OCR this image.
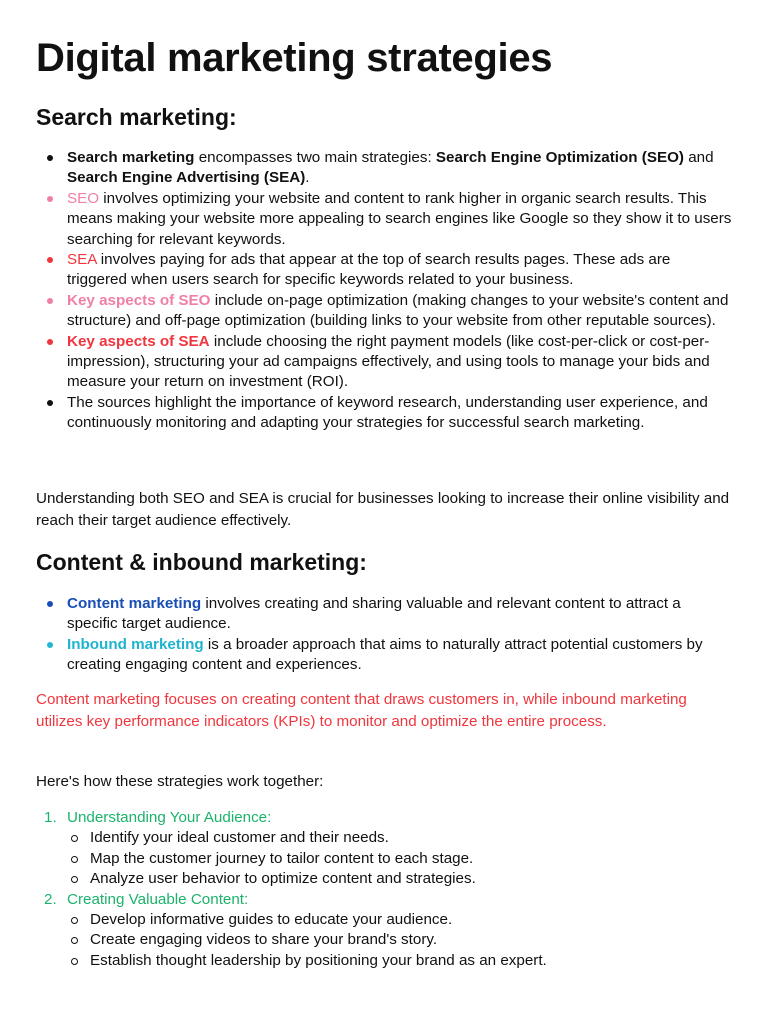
Digital marketing strategies
Search marketing:
Search marketing encompasses two main strategies: Search Engine Optimization (SEO) and Search Engine Advertising (SEA).
SEO involves optimizing your website and content to rank higher in organic search results. This means making your website more appealing to search engines like Google so they show it to users searching for relevant keywords.
SEA involves paying for ads that appear at the top of search results pages. These ads are triggered when users search for specific keywords related to your business.
Key aspects of SEO include on-page optimization (making changes to your website's content and structure) and off-page optimization (building links to your website from other reputable sources).
Key aspects of SEA include choosing the right payment models (like cost-per-click or cost-per-impression), structuring your ad campaigns effectively, and using tools to manage your bids and measure your return on investment (ROI).
The sources highlight the importance of keyword research, understanding user experience, and continuously monitoring and adapting your strategies for successful search marketing.

Understanding both SEO and SEA is crucial for businesses looking to increase their online visibility and reach their target audience effectively.

Content & inbound marketing:
Content marketing involves creating and sharing valuable and relevant content to attract a specific target audience.
Inbound marketing is a broader approach that aims to naturally attract potential customers by creating engaging content and experiences.

Content marketing focuses on creating content that draws customers in, while inbound marketing utilizes key performance indicators (KPIs) to monitor and optimize the entire process.

Here's how these strategies work together:

1. Understanding Your Audience:
Identify your ideal customer and their needs.
Map the customer journey to tailor content to each stage.
Analyze user behavior to optimize content and strategies.
2. Creating Valuable Content:
Develop informative guides to educate your audience.
Create engaging videos to share your brand's story.
Establish thought leadership by positioning your brand as an expert.
